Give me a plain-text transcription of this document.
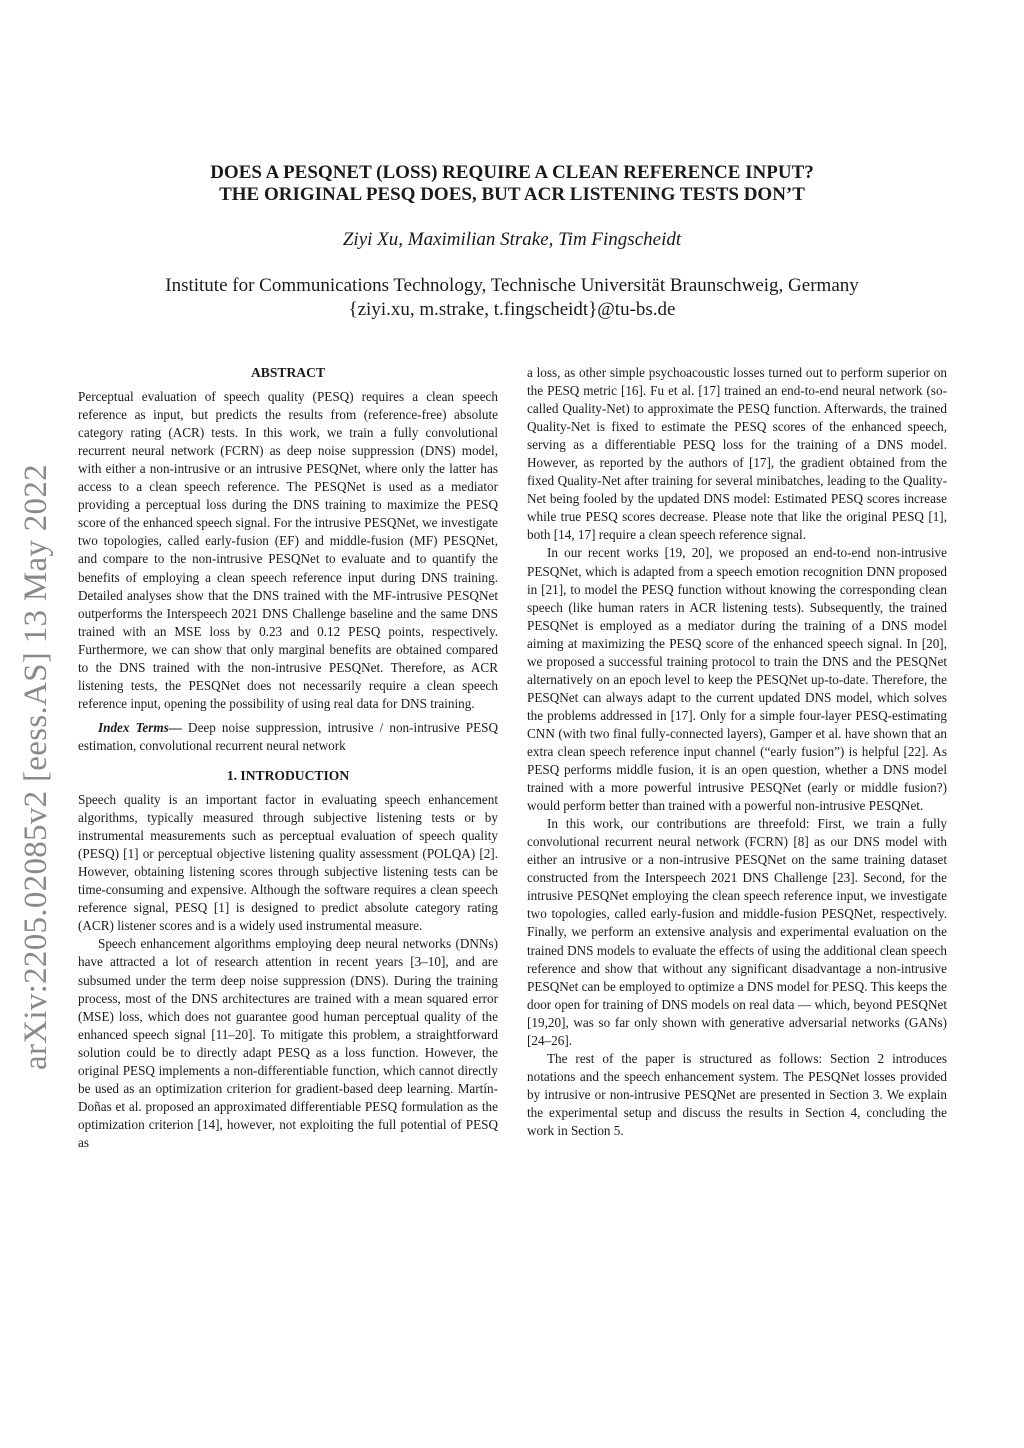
arXiv:2205.02085v2 [eess.AS] 13 May 2022
DOES A PESQNET (LOSS) REQUIRE A CLEAN REFERENCE INPUT?
THE ORIGINAL PESQ DOES, BUT ACR LISTENING TESTS DON’T
Ziyi Xu, Maximilian Strake, Tim Fingscheidt
Institute for Communications Technology, Technische Universität Braunschweig, Germany
{ziyi.xu, m.strake, t.fingscheidt}@tu-bs.de
ABSTRACT

Perceptual evaluation of speech quality (PESQ) requires a clean speech reference as input, but predicts the results from (reference-free) absolute category rating (ACR) tests. In this work, we train a fully convolutional recurrent neural network (FCRN) as deep noise suppression (DNS) model, with either a non-intrusive or an intrusive PESQNet, where only the latter has access to a clean speech reference. The PESQNet is used as a mediator providing a perceptual loss during the DNS training to maximize the PESQ score of the enhanced speech signal. For the intrusive PESQNet, we investigate two topologies, called early-fusion (EF) and middle-fusion (MF) PESQNet, and compare to the non-intrusive PESQNet to evaluate and to quantify the benefits of employing a clean speech reference input during DNS training. Detailed analyses show that the DNS trained with the MF-intrusive PESQNet outperforms the Interspeech 2021 DNS Challenge baseline and the same DNS trained with an MSE loss by 0.23 and 0.12 PESQ points, respectively. Furthermore, we can show that only marginal benefits are obtained compared to the DNS trained with the non-intrusive PESQNet. Therefore, as ACR listening tests, the PESQNet does not necessarily require a clean speech reference input, opening the possibility of using real data for DNS training.

Index Terms— Deep noise suppression, intrusive / non-intrusive PESQ estimation, convolutional recurrent neural network

1. INTRODUCTION

Speech quality is an important factor in evaluating speech enhancement algorithms, typically measured through subjective listening tests or by instrumental measurements such as perceptual evaluation of speech quality (PESQ) [1] or perceptual objective listening quality assessment (POLQA) [2]. However, obtaining listening scores through subjective listening tests can be time-consuming and expensive. Although the software requires a clean speech reference signal, PESQ [1] is designed to predict absolute category rating (ACR) listener scores and is a widely used instrumental measure.

Speech enhancement algorithms employing deep neural networks (DNNs) have attracted a lot of research attention in recent years [3–10], and are subsumed under the term deep noise suppression (DNS). During the training process, most of the DNS architectures are trained with a mean squared error (MSE) loss, which does not guarantee good human perceptual quality of the enhanced speech signal [11–20]. To mitigate this problem, a straightforward solution could be to directly adapt PESQ as a loss function. However, the original PESQ implements a non-differentiable function, which cannot directly be used as an optimization criterion for gradient-based deep learning. Martín-Doñas et al. proposed an approximated differentiable PESQ formulation as the optimization criterion [14], however, not exploiting the full potential of PESQ as

a loss, as other simple psychoacoustic losses turned out to perform superior on the PESQ metric [16]. Fu et al. [17] trained an end-to-end neural network (so-called Quality-Net) to approximate the PESQ function. Afterwards, the trained Quality-Net is fixed to estimate the PESQ scores of the enhanced speech, serving as a differentiable PESQ loss for the training of a DNS model. However, as reported by the authors of [17], the gradient obtained from the fixed Quality-Net after training for several minibatches, leading to the Quality-Net being fooled by the updated DNS model: Estimated PESQ scores increase while true PESQ scores decrease. Please note that like the original PESQ [1], both [14, 17] require a clean speech reference signal.

In our recent works [19, 20], we proposed an end-to-end non-intrusive PESQNet, which is adapted from a speech emotion recognition DNN proposed in [21], to model the PESQ function without knowing the corresponding clean speech (like human raters in ACR listening tests). Subsequently, the trained PESQNet is employed as a mediator during the training of a DNS model aiming at maximizing the PESQ score of the enhanced speech signal. In [20], we proposed a successful training protocol to train the DNS and the PESQNet alternatively on an epoch level to keep the PESQNet up-to-date. Therefore, the PESQNet can always adapt to the current updated DNS model, which solves the problems addressed in [17]. Only for a simple four-layer PESQ-estimating CNN (with two final fully-connected layers), Gamper et al. have shown that an extra clean speech reference input channel (“early fusion”) is helpful [22]. As PESQ performs middle fusion, it is an open question, whether a DNS model trained with a more powerful intrusive PESQNet (early or middle fusion?) would perform better than trained with a powerful non-intrusive PESQNet.

In this work, our contributions are threefold: First, we train a fully convolutional recurrent neural network (FCRN) [8] as our DNS model with either an intrusive or a non-intrusive PESQNet on the same training dataset constructed from the Interspeech 2021 DNS Challenge [23]. Second, for the intrusive PESQNet employing the clean speech reference input, we investigate two topologies, called early-fusion and middle-fusion PESQNet, respectively. Finally, we perform an extensive analysis and experimental evaluation on the trained DNS models to evaluate the effects of using the additional clean speech reference and show that without any significant disadvantage a non-intrusive PESQNet can be employed to optimize a DNS model for PESQ. This keeps the door open for training of DNS models on real data — which, beyond PESQNet [19,20], was so far only shown with generative adversarial networks (GANs) [24–26].

The rest of the paper is structured as follows: Section 2 introduces notations and the speech enhancement system. The PESQNet losses provided by intrusive or non-intrusive PESQNet are presented in Section 3. We explain the experimental setup and discuss the results in Section 4, concluding the work in Section 5.
